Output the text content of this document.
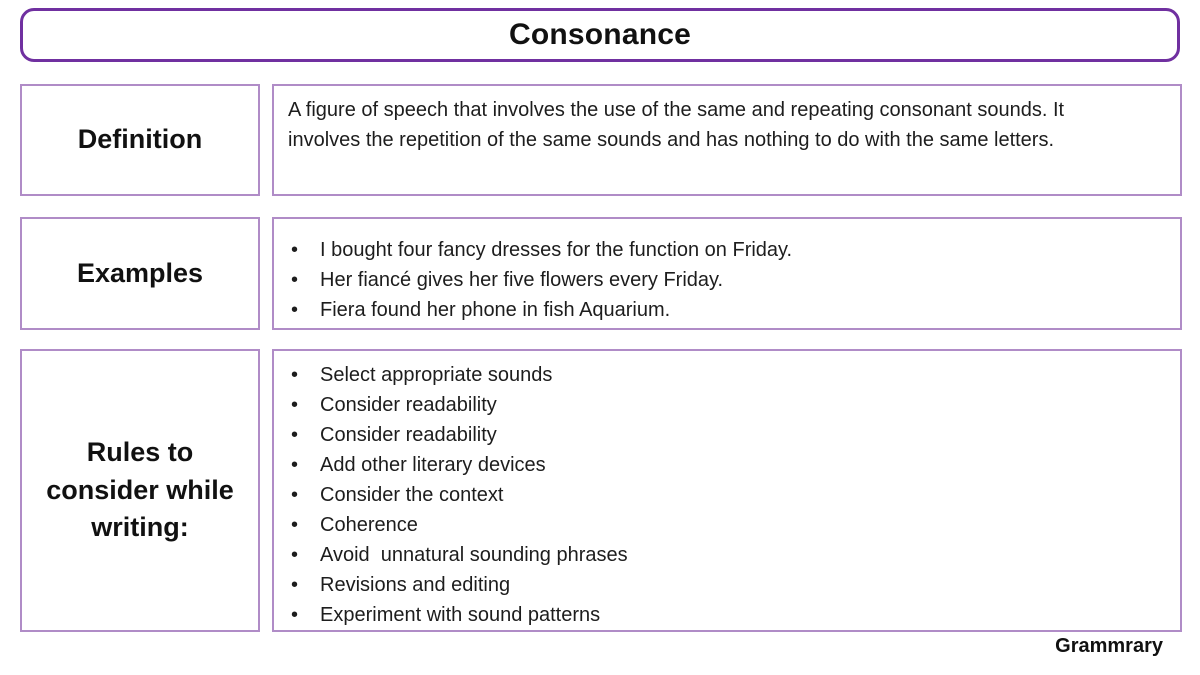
Consonance
Definition

A figure of speech that involves the use of the same and repeating consonant sounds. It involves the repetition of the same sounds and has nothing to do with the same letters.

Examples
• I bought four fancy dresses for the function on Friday.
• Her fiancé gives her five flowers every Friday.
• Fiera found her phone in fish Aquarium.
Rules to consider while writing:
• Select appropriate sounds
• Consider readability
• Consider readability
• Add other literary devices
• Consider the context
• Coherence
• Avoid  unnatural sounding phrases
• Revisions and editing
• Experiment with sound patterns
Grammrary
